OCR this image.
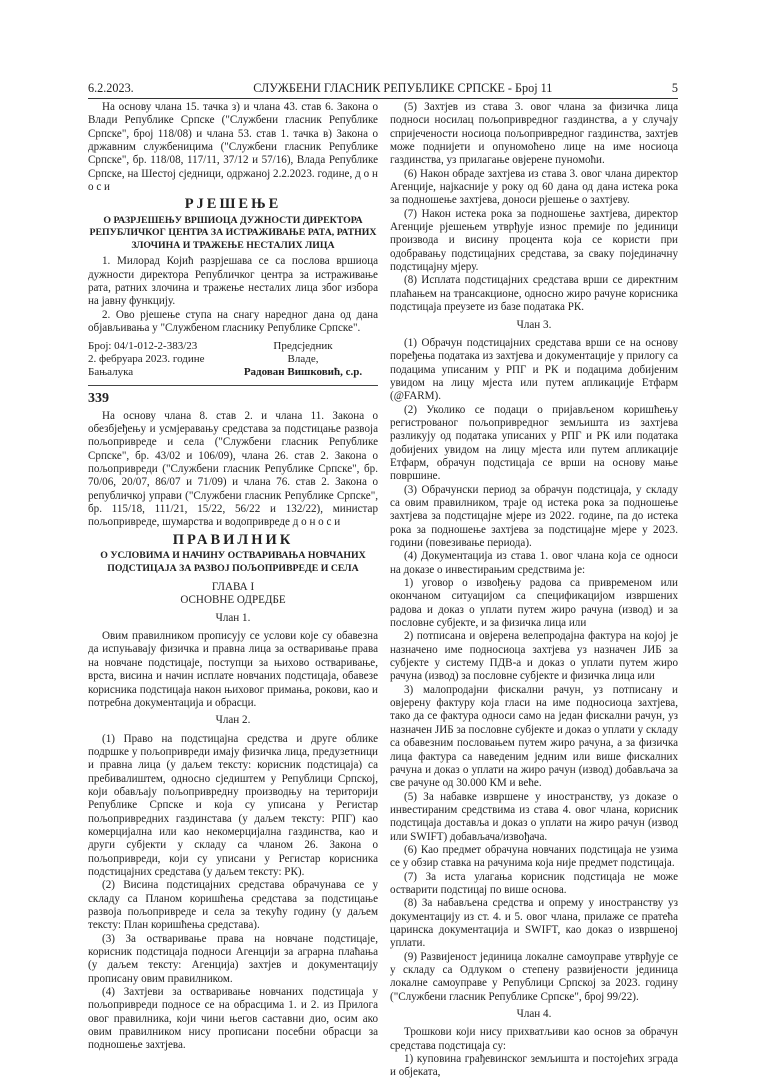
6.2.2023.	СЛУЖБЕНИ ГЛАСНИК РЕПУБЛИКЕ СРПСКЕ - Број 11	5

На основу члана 15. тачка з) и члана 43. став 6. Закона о Влади Републике Српске ("Службени гласник Републике Српске", број 118/08) и члана 53. став 1. тачка в) Закона о државним службеницима ("Службени гласник Републике Српске", бр. 118/08, 117/11, 37/12 и 57/16), Влада Републике Српске, на Шестој сједници, одржаној 2.2.2023. године, д о н о с и

РЈЕШЕЊЕ
О РАЗРЈЕШЕЊУ ВРШИОЦА ДУЖНОСТИ ДИРЕКТОРА РЕПУБЛИЧКОГ ЦЕНТРА ЗА ИСТРАЖИВАЊЕ РАТА, РАТНИХ ЗЛОЧИНА И ТРАЖЕЊЕ НЕСТАЛИХ ЛИЦА

1. Милорад Којић разрјешава се са послова вршиоца дужности директора Републичког центра за истраживање рата, ратних злочина и тражење несталих лица због избора на јавну функцију.

2. Ово рјешење ступа на снагу наредног дана од дана објављивања у "Службеном гласнику Републике Српске".

Број: 04/1-012-2-383/23
2. фебруара 2023. године
Бањалука
Предсједник
Владе,
Радован Вишковић, с.р.
339

На основу члана 8. став 2. и члана 11. Закона о обезбјеђењу и усмјеравању средстава за подстицање развоја пољопривреде и села ("Службени гласник Републике Српске", бр. 43/02 и 106/09), члана 26. став 2. Закона о пољопривреди ("Службени гласник Републике Српске", бр. 70/06, 20/07, 86/07 и 71/09) и члана 76. став 2. Закона о републичкој управи ("Службени гласник Републике Српске", бр. 115/18, 111/21, 15/22, 56/22 и 132/22), министар пољопривреде, шумарства и водопривреде д о н о с и

ПРАВИЛНИК
О УСЛОВИМА И НАЧИНУ ОСТВАРИВАЊА НОВЧАНИХ ПОДСТИЦАЈА ЗА РАЗВОЈ ПОЉОПРИВРЕДЕ И СЕЛА
ГЛАВА I
ОСНОВНЕ ОДРЕДБЕ
Члан 1.

Овим правилником прописују се услови које су обавезна да испуњавају физичка и правна лица за остваривање права на новчане подстицаје, поступци за њихово остваривање, врста, висина и начин исплате новчаних подстицаја, обавезе корисника подстицаја након њиховог примања, рокови, као и потребна документација и обрасци.

Члан 2.

(1) Право на подстицајна средства и друге облике подршке у пољопривреди имају физичка лица, предузетници и правна лица (у даљем тексту: корисник подстицаја) са пребивалиштем, односно сједиштем у Републици Српској, који обављају пољопривредну производњу на територији Републике Српске и која су уписана у Регистар пољопривредних газдинстава (у даљем тексту: РПГ) као комерцијална или као некомерцијална газдинства, као и други субјекти у складу са чланом 26. Закона о пољопривреди, који су уписани у Регистар корисника подстицајних средстава (у даљем тексту: РК).

(2) Висина подстицајних средстава обрачунава се у складу са Планом коришћења средстава за подстицање развоја пољопривреде и села за текућу годину (у даљем тексту: План коришћења средстава).

(3) За остваривање права на новчане подстицаје, корисник подстицаја подноси Агенцији за аграрна плаћања (у даљем тексту: Агенција) захтјев и документацију прописану овим правилником.

(4) Захтјеви за остваривање новчаних подстицаја у пољопривреди подносе се на обрасцима 1. и 2. из Прилога овог правилника, који чини његов саставни дио, осим ако овим правилником нису прописани посебни обрасци за подношење захтјева.

(5) Захтјев из става 3. овог члана за физичка лица подноси носилац пољопривредног газдинства, а у случају спријечености носиоца пољопривредног газдинства, захтјев може поднијети и опуномоћено лице на име носиоца газдинства, уз прилагање овјерене пуномоћи.

(6) Након обраде захтјева из става 3. овог члана директор Агенције, најкасније у року од 60 дана од дана истека рока за подношење захтјева, доноси рјешење о захтјеву.

(7) Након истека рока за подношење захтјева, директор Агенције рјешењем утврђује износ премије по јединици производа и висину процента која се користи при одобравању подстицајних средстава, за сваку појединачну подстицајну мјеру.

(8) Исплата подстицајних средстава врши се директним плаћањем на трансакционе, односно жиро рачуне корисника подстицаја преузете из базе података РК.

Члан 3.

(1) Обрачун подстицајних средстава врши се на основу поређења података из захтјева и документације у прилогу са подацима уписаним у РПГ и РК и подацима добијеним увидом на лицу мјеста или путем апликације Етфарм (@FARM).

(2) Уколико се подаци о пријављеном коришћењу регистрованог пољопривредног земљишта из захтјева разликују од података уписаних у РПГ и РК или података добијених увидом на лицу мјеста или путем апликације Етфарм, обрачун подстицаја се врши на основу мање површине.

(3) Обрачунски период за обрачун подстицаја, у складу са овим правилником, траје од истека рока за подношење захтјева за подстицајне мјере из 2022. године, па до истека рока за подношење захтјева за подстицајне мјере у 2023. години (повезивање периода).

(4) Документација из става 1. овог члана која се односи на доказе о инвестирањим средствима је:

1) уговор о извођењу радова са привременом или окончаном ситуацијом са спецификацијом извршених радова и доказ о уплати путем жиро рачуна (извод) и за пословне субјекте, и за физичка лица или

2) потписана и овјерена велепродајна фактура на којој је назначено име подносиоца захтјева уз назначен ЈИБ за субјекте у систему ПДВ-а и доказ о уплати путем жиро рачуна (извод) за пословне субјекте и физичка лица или

3) малопродајни фискални рачун, уз потписану и овјерену фактуру која гласи на име подносиоца захтјева, тако да се фактура односи само на један фискални рачун, уз назначен ЈИБ за пословне субјекте и доказ о уплати у складу са обавезним пословањем путем жиро рачуна, а за физичка лица фактура са наведеним једним или више фискалних рачуна и доказ о уплати на жиро рачун (извод) добављача за све рачуне од 30.000 КМ и веће.

(5) За набавке извршене у иностранству, уз доказе о инвестираним средствима из става 4. овог члана, корисник подстицаја доставља и доказ о уплати на жиро рачун (извод или SWIFT) добављача/извођача.

(6) Као предмет обрачуна новчаних подстицаја не узима се у обзир ставка на рачунима која није предмет подстицаја.

(7) За иста улагања корисник подстицаја не може остварити подстицај по више основа.

(8) За набављена средства и опрему у иностранству уз документацију из ст. 4. и 5. овог члана, прилаже се пратећа царинска документација и SWIFT, као доказ о извршеној уплати.

(9) Развијеност јединица локалне самоуправе утврђује се у складу са Одлуком о степену развијености јединица локалне самоуправе у Републици Српској за 2023. годину ("Службени гласник Републике Српске", број 99/22).

Члан 4.

Трошкови који нису прихватљиви као основ за обрачун средстава подстицаја су:

1) куповина грађевинског земљишта и постојећих зграда и објеката,
